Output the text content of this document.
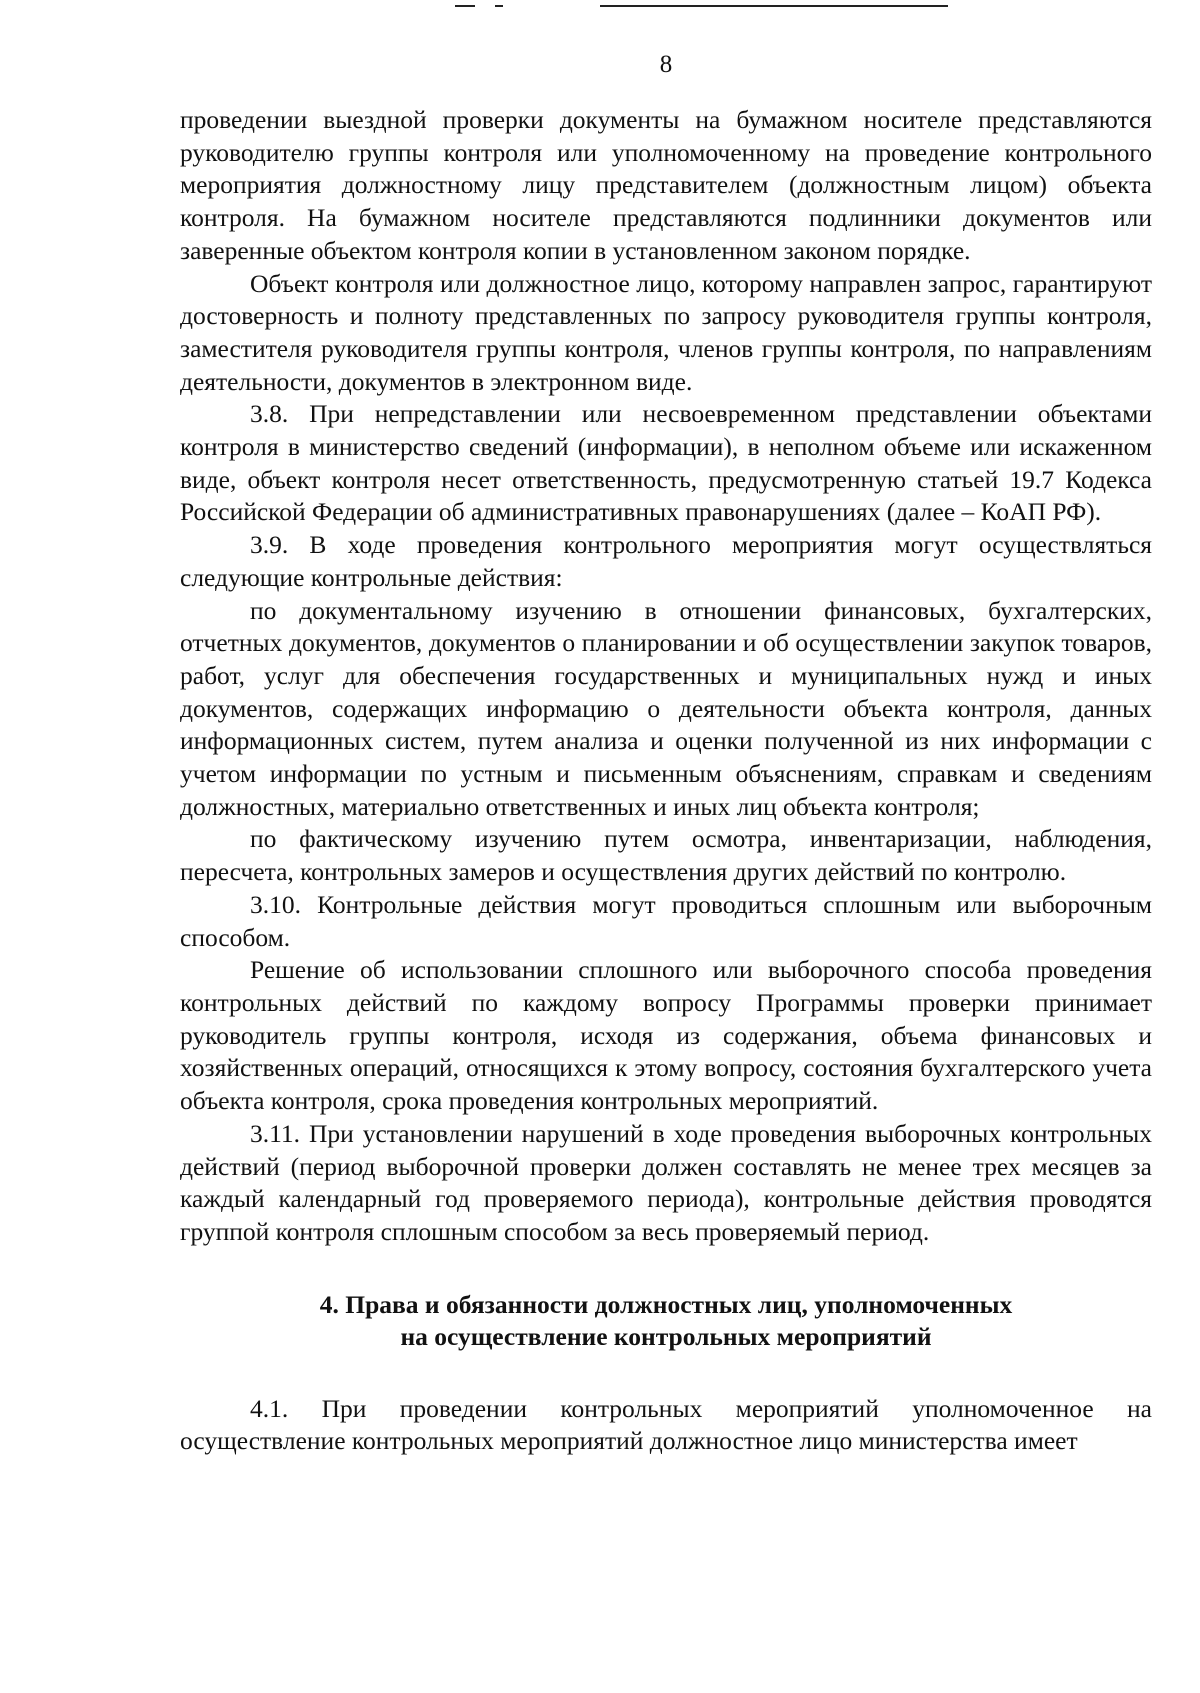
8

проведении выездной проверки документы на бумажном носителе представляются руководителю группы контроля или уполномоченному на проведение контрольного мероприятия должностному лицу представителем (должностным лицом) объекта контроля. На бумажном носителе представляются подлинники документов или заверенные объектом контроля копии в установленном законом порядке.

Объект контроля или должностное лицо, которому направлен запрос, гарантируют достоверность и полноту представленных по запросу руководителя группы контроля, заместителя руководителя группы контроля, членов группы контроля, по направлениям деятельности, документов в электронном виде.

3.8. При непредставлении или несвоевременном представлении объектами контроля в министерство сведений (информации), в неполном объеме или искаженном виде, объект контроля несет ответственность, предусмотренную статьей 19.7 Кодекса Российской Федерации об административных правонарушениях (далее – КоАП РФ).

3.9. В ходе проведения контрольного мероприятия могут осуществляться следующие контрольные действия:

по документальному изучению в отношении финансовых, бухгалтерских, отчетных документов, документов о планировании и об осуществлении закупок товаров, работ, услуг для обеспечения государственных и муниципальных нужд и иных документов, содержащих информацию о деятельности объекта контроля, данных информационных систем, путем анализа и оценки полученной из них информации с учетом информации по устным и письменным объяснениям, справкам и сведениям должностных, материально ответственных и иных лиц объекта контроля;

по фактическому изучению путем осмотра, инвентаризации, наблюдения, пересчета, контрольных замеров и осуществления других действий по контролю.

3.10. Контрольные действия могут проводиться сплошным или выборочным способом.

Решение об использовании сплошного или выборочного способа проведения контрольных действий по каждому вопросу Программы проверки принимает руководитель группы контроля, исходя из содержания, объема финансовых и хозяйственных операций, относящихся к этому вопросу, состояния бухгалтерского учета объекта контроля, срока проведения контрольных мероприятий.

3.11. При установлении нарушений в ходе проведения выборочных контрольных действий (период выборочной проверки должен составлять не менее трех месяцев за каждый календарный год проверяемого периода), контрольные действия проводятся группой контроля сплошным способом за весь проверяемый период.

4. Права и обязанности должностных лиц, уполномоченных
на осуществление контрольных мероприятий

4.1. При проведении контрольных мероприятий уполномоченное на осуществление контрольных мероприятий должностное лицо министерства имеет
